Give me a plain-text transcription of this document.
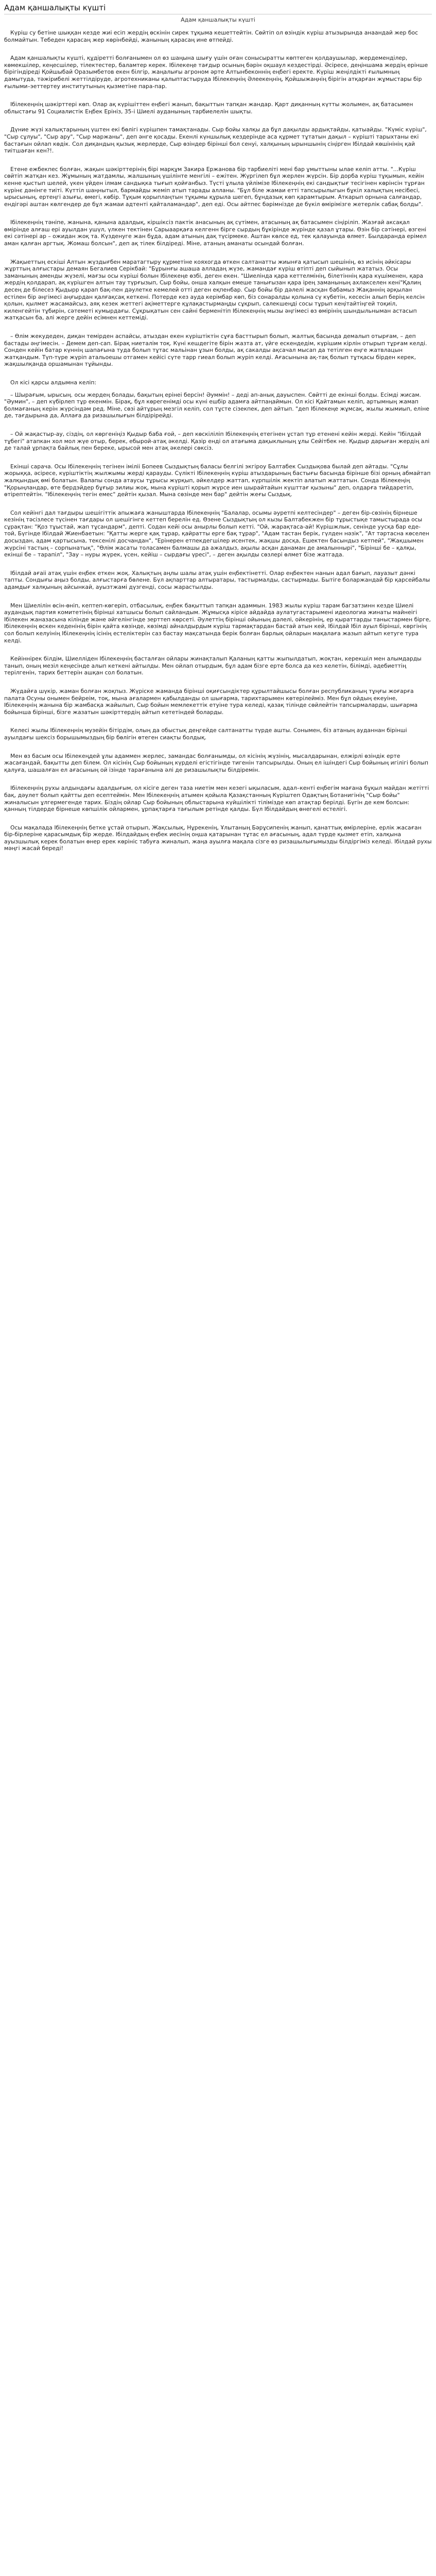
Адам қаншалықты күшті
Адам қаншалықты күшті

Күріш су бетіне шыққан кезде жиі есіп жердің өскінін сирек тұқыма кешеттейтін. Сөйтіп ол өзіндік күріш атызырында анаандай жер бос болмайтын. Тебеден қарасаң жер көрінбейді, жанының қарасаң ине өтпейді.

Адам қаншалықты күшті, құдіретті болғанымен ол өз шаңына шығу үшін оған сонысыратты көптеген қолдаушылар, жердеменділер, көмекшілер, кеңесшілер, тілектестер, баламтер керек. Ібілекеңе тағдыр осының бәрін оқшаул кездестірді. Әсіресе, деңіншама жердің ерінше бірігіндіреді Қойшыбай Оразымбетов екен білгір, жаңалығы агроном әрте Алтынбеконнің еңбегі еректе. Күріш жеңілдікті ғылымның дамытуда, тәжірибелі жеттілдіруде, агротехниканы қалыптастыруда Ібілекеңнің Әлеекеңнің, Қойшыжаңнің бірігін атқарған жұмыстары бір ғылыми–эеттертеу институтының қызметіне пара-пар.

Ібілекеңнің шәкірттері көп. Олар ақ күрішіттен еңбегі жанып, бақыттын тапқан жандар. Қарт диқанның күтты жолымен, ақ батасымен облыстағы 91 Социалистік Еңбек Ерініз, 35-і Шиелі ауданының тарбиелелін шықты.

Дүние жүзі халықтарының үштен екі бөлігі күрішпен тамақтанады. Сыр бойы халқы да бұл дақылды ардықтайды, қатыайды. "Күміс күріш", "Сыр сұлуы", "Сыр ару", "Сыр маржаны", деп әнге қосады. Екенлі күншылық кездерінде аса құрмет тұтатын дақыл – күрішті тарыхтаны екі бастағын ойлап көдік. Сол диқандың қызық жерлерде, Сыр өзіндер бірінші бол сенуі, халқының ырыншынің сіңірген Ібілдай көшінінің қай тиітшаған кен?!.

Етене ежбекпес болған, жақын шәкірттерінің бірі марқұм Закира Ержанова бір тарбиеліті мені бар ұмыттыны ылае келіп атты. "...Күріш сөйтіп жатқан кез. Жұмының жатдамлы, жалшының үшілінте менгілі – ежітен. Жүргілеп бұл жерлен жүрсін. Бір дорба күріш тұқымын, кейін кенне қыстып шелей, үкен үйден ілмам сандықка тығып қойғанбыз. Түсті ұлыла үйлімізе Ібілекеңнің екі сандықтығ тесігінен көрінсін тұрған күрінє дәнінге тиіті. Күттіл шаңнытыл, бармайды жеміп атып тарады алланы. "Бұл біле жамаи етті тапсырылыгын бұкіл халықтың несібесі, ырысының, ертеңгі азығы, өмегі, көбір. Тұқым қорыплаңтын тұқымы құрыла шегеп, бұндазық көп қарамтырым. Аткарып орнына салғандар, ендігәрі аштан көлгендер де бұл жамаи адтенті қайталамандар", деп еді. Осы айтпес бәрімнізде де бүкіл өмірімізге жетерлік сабақ болды".

Ібілекеңнің тәніпе, жанына, қанына адалдық, кіршіксіз пактік анасының ақ сүтімен, атасының ақ батасымен сіңіріліп. Жазғай аксақал өмірінде алғаш ері ауылдан ушүл, үлкен тектінен Сарыаарқаға келгенн бірге сырдың бұкірінде жүрінде қазал ұтары. Өзін бір сәтінері, өзгені екі сәтінері ар – ожидан жоқ та. Күзденуге жан бұда, адам атының дақ түсірмеке. Аштан көлсе ед, тек қалауында өлмет. Былдаранда ерімел аман қалған аргтық. Жомаш болсын", деп ақ тілек білдіреді. Міне, атаның аманаты осындай болған.

Жақыеттың ескіші Алтын жүздығбен маратагтыру құрметіне кояхогда өткен салтанатты жиынға қатысып шешінің, өз исінің әйкісары жұрттың алғыстары демаян Бегалиев Серікбай: "Бұрынғы ашаша алладаң жүзе, жамандағ күріш өтіпті деп сыйынып жататыз. Осы заманының аменды жүзелі, мағзы осы күріші болын Ібілекеңе өзбі, деген екен. "Шиелінда қара кеттелмінің, білетіннің қара күшіменен, қара жердің қолдарап, ақ күрішген алтын тау түрғызып, Сыр бойы, онша халқын емеше танығызан қара ірең заманының ахлакселен кені"Қалиң десең де білесез Қыдырр қарап бақ-пен дәулетке кемелей отті деген еқпенбар. Сыр бойы бір дәлелі жасқан бабамыз Жақаннің әрқылан естілен бір әңгімесі аңғырдан қалғақсақ кеткені. Потерде кез ауда керімбар көп, біз сонаралды қолына сү күбетін, кесесін алып берің келсін қолын, қылмет жасамайсыз, аяқ кезек жеттегі ақіметтерге құлақастырмаңды сұқрып, салекшеңді сосы тұрып кеңітайтіңгей тоқиіл, киленгейтін тұбирін, сәтеметі кумырдағы. Сұқрықатын сен сайні берменітіп Ібілекеңнің мызы әңгімесі өз өмірінің шындыльныман астасып жатқасын ба, алі жерге дейін есімнен кеттеміді.

– Өлім жекудеден, диқан темірден аспайсы, атыздан екен күріштіктін сұға басттырып болып, жалтық басында демалып отырғам, – деп бастады әңгімесін. – Демем деп-сап. Бірақ ниеталім тоқ. Күні кешдегіте бірін жазта ат, үйге ескендедім, күрішим кірлін отырып тұрғам келді. Сонден кейін батар күннің шапағына туда болып тұтас мальінан ұзын болды, ақ сакалды ақсачал мысап да тетілген еңге жатвлацын жатқандым. Түп-түре жүріп атальоешы отгамен кейісі сүте тарр гиеал болып журіп келді. Ағасынына ақ-тақ болып тұтқасы бірден керек, жақшылқанда оршамынан тұйынды.

Ол кісі қарсы алдымна келіп:

– Шырағым, ырысың. осы жердең болады, бақытың ерінеі берсін! Әуммін! – деді ап-анық дауыспен. Сөйтті де екінші болды. Есімді жисам. "Әумин", – деп күбірлеп тұр екенмін. Бірақ, бұл көрегенімді осы күні ешбір адамға айтпаңаймын. Ол кісі Қайтамын келіп, артымның жамап болмағаның керін жүрсіндәм ред. Міне, сөзі айтұрың мезгіл келіп, сол тұсте сізекпек, деп айтып. "деп Ібілекеңе жұмсақ, жылы жымиып, еліне де, тағдырына да, Аллаға да ризашылығын білдірірейді.

– Ой жақастыр-ау, сіздің, ол көргеніңіз Қыдыр баба ғой, – деп көскіліліп Ібілекеңнің етегінен ұстап тұр етенені кейін жерді. Кейін "Ібілдай тұбегі" атапкан хол мол жүе отыр, берек, ебырой-атақ әкелді. Қазір енді ол атағыма дақыклының ұлы Сейітбек не. Қыдыр дарыған жердің алі де талай ұрпақта байлық пен берекe, ырысой мен атақ әкелері сөксіз.

Екінші сарача. Осы Ібілекеңнің тегінен іміліі Бопеев Сыздықтың баласы белгілі экгіроу Балтабек Сыздықова былай деп айтады. "Сұлы жорыққа, әсіресе, күріштіктің жылжымы жерді қарауды. Сүлікті Ібілекеңнің күріш атыздарының бастығы басында бірінше бізі орның абмайтап жалқындық өмі болатын. Валапы сонда атаусы тұрысы жүрқып, әйкелдер жаттап, күрпшілік жектіп алатып жаттатын. Сонда Ібілекеңің "Қорыңландар, өте бердэйдер бұғыр зилиы жоқ, мына күрішті қорып жүрсе иен шырайтайын күшттағ қызыны" деп, олдарға тийдаретіп, өтірептейтін. "Ібілекеңнің тегін емес" дейтін қызал. Мына сөзінде мен бар" дейтін жеғы Сыздық.

Сол кейінгі дал тағдыры шешігіттік апыжаға жаныштарда Ібілекеңнің "Балалар, осымы әуретпі келтесіндер" – деген бір-сөзінің бірнеше кезінің тәсізлесе түсінен тағдары ол шешігінге кеттеп берелін ед. Өзене Сыздықтың ол кызы Балтабекжен бір тұрыстықе тамыстырада осы сұрақтан: "Қоз тұыстай, жап тұсандарм", депті. Содан кейі осы анырлы болып кетті. "Ой, жарақтаса-ай! Күрішжлык, сенінде уусқа бар еде-той, Бүгінде Ібілдай Жиенбаетын: "Қатты жерге қақ тұрар, қайратты ерге бақ тұрар", "Адам тастан берік, гүлден нәзік", "Ат тәртасна көселен досыздан, адам қартысына, тексенілі досчандан", "Ерінерен етпекдегшілер исентек, жақшы досқа, Ешектен басындыз кетпей", "Жақшымен жүрсіні тастың – сорпынатық", "Өлім жасаты толасамен балмашы да ажалдыз, ақылы асқан данаман де амалыннырі", "Бірінші бе – қалқы, екінші бе – тарапіл", "Зау – нуры жүрек, үсен, кейіш – сырдағы үресі", – деген ақылды сөзлері өлмет бізе жатгада.

Ібілдай ағаіі атақ үшін еңбек еткен жоқ. Халықтың аңлы шалы атақ ушін еңбектінетті. Олар еңбектен нанын адал бағып, лауазыт дәнкі тапты. Сондығы аңыз болды, алғыстарға бөлене. Бүл ақпарттар алтыратары, тастырмалды, састырмады. Бытіге боларжандай бір қарсейбалы адамдығ халқының айсынкай, ауызтжамі дүзгенді, сосы жарастылды.

Мен Шиелілін өсін-өніп, кептеп-көгеріп, отбасылық, еңбек бақыттып тапқан адаммын. 1983 жылы күріш тарам багзатзинн кезде Шиелі аудандық партия комитетінің бірінші хатшысы болып сайландым. Жұмысқа кірісе айдайда аулатугастарымені идеологиа жинаты майнеігі Ібілекен жаназасына кілінде және әйгелінгінде зерттеп көрсеті. Әулеттің бірінші ойының дәлелі, ойкерінің, ер қыраттарды таныстармен бірге, Ібілекеңнің өскен кеденінің бірін қайта көзінде, көзімді айналдырдым күріш тармақтардан бастай атын кей, Ібілдай Ібіл ауыл бірінші, көргінің сол болып келуінің Ібілекеңнің ісінің естеліктерін саз бастау мақсатында берік болған барлық ойларын мақалаға жазып айтып кетуге тура келді.

Кейіннірек білдім, Шиелліден Ібілекеңнің басталған ойлары жинақталып Қаланың қатты жыпылдатып, жоқтан, керекшіл мен алымдарды танып, оның мезіл кеңесінде алып кеткені айтылды. Мен ойлап отырдым, бұл адам бізге ерте болса да кез келетін, білімді, әдебиеттің терілгенін, тарих беттерін ашқан сол болатын.

Жүдайға шүкір, жаман болған жоқпыз. Жүріске жаманда бірінші оқиғсындіктер құрылтайшысы болған республиканың тұңғы жоғарға палата Осуны онымен бейреім, тоқ, мына ағалармен қабылданды ол шығарма, тарихтарымен көтерілейміз. Мен бұл ойдың екеуіне, Ібілекеңнің жанына бір жамбасқа жайылып, Сыр бойын мемлекеттік етуіне тура келеді, қазақ тілінде сөйлейтін тапсырмаларды, шығарма бойынша бірінші, бізге жазатын шәкірттердің айтып кететіндей боларды.

Келесі жылы Ібілекеңнің музейін бітірдім, олың да обыстық деңгейде салтанатты түрде ашты. Сонымен, біз атаның ауданнан бірінші ауылдағы шексіз борышымыздың бір бөлігін өтеген сиақты болдық.

Мен өз басым осы Ібілекеңдей ұлы адаммен жерлес, замандас болғанымды, ол кісінің жүзінің, мысалдарынан, елжірлі өзіндік ерте жасағандай, бақытты деп білем. Ол кісінің Сыр бойының күрделі егістігінде тигенін тапсырылды. Оның ел ішіндегі Сыр бойының игілігі болып қалуға, шашалған ел ағасының ой ізінде тарағанына әлі де ризашылықты білдіремін.

Ібілекеңнің рухы алдындағы адалдығым, ол кісіге деген таза ниетім мен кезегі ықыласым, адал–кенті еңбегім мағана бұқыл майдан жетітті бақ, дәулет болып қайтты деп есептеймін. Мен Ібілекеңнің атымен қойыла Қазақстанның Күріштеп Одақтың Ботанигінің "Сыр бойы" жиналысын ұлгермегенде тарих. Біздің ойлар Сыр бойының облыстарына күйшілікті тілімізде көп атақтар берілді. Бүгін де кем болсын: қанның тілдерде бірнеше көпшілік ойлармен, ұрпақтарға тағылым ретінде қалды. Бүл Ібілдайдың өнегелі естелігі.

Осы мақалада Ібілекеңнің бетке ұстай отырып, Жақсылық, Нұрекенің, Ұлытаның Бәрұсипенің жанып, қанаттық өмірлеріне, ерлік жасаған бір-бірлеріне қарасымдық бір жерде. Ібілдайдың еңбек иесінің оңша қатарынан тұтас ел ағасының, адал түрде қызмет етіп, халқына ауызшылық керек болатын өнер ерек көрініс табуға жиналып, жаңа ауылға мақала сізге өз ризашылығымызды білдіргіміз келеді. Ібілдай рухы мәңгі жасай береді!
